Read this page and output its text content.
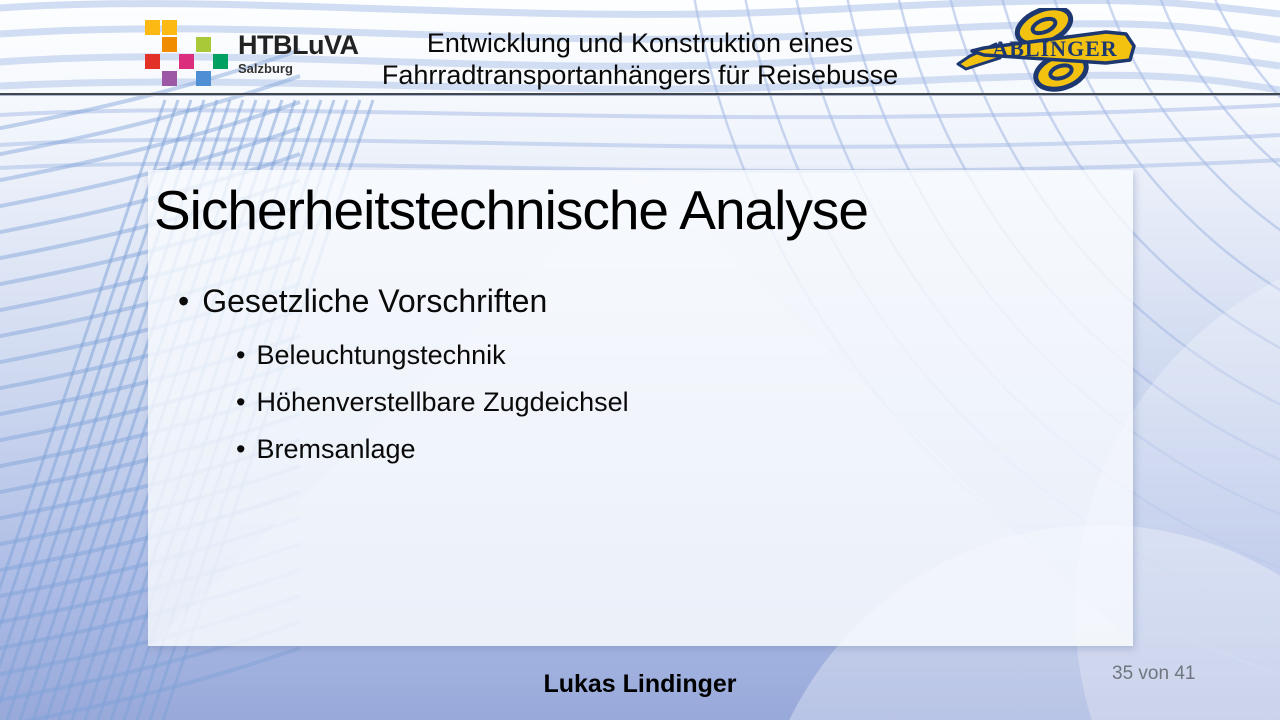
HTBLuVA
Salzburg
Entwicklung und Konstruktion eines
Fahrradtransportanhängers für Reisebusse
ABLINGER
Sicherheitstechnische Analyse
• Gesetzliche Vorschriften
• Beleuchtungstechnik
• Höhenverstellbare Zugdeichsel
• Bremsanlage
Lukas Lindinger	35 von 41
